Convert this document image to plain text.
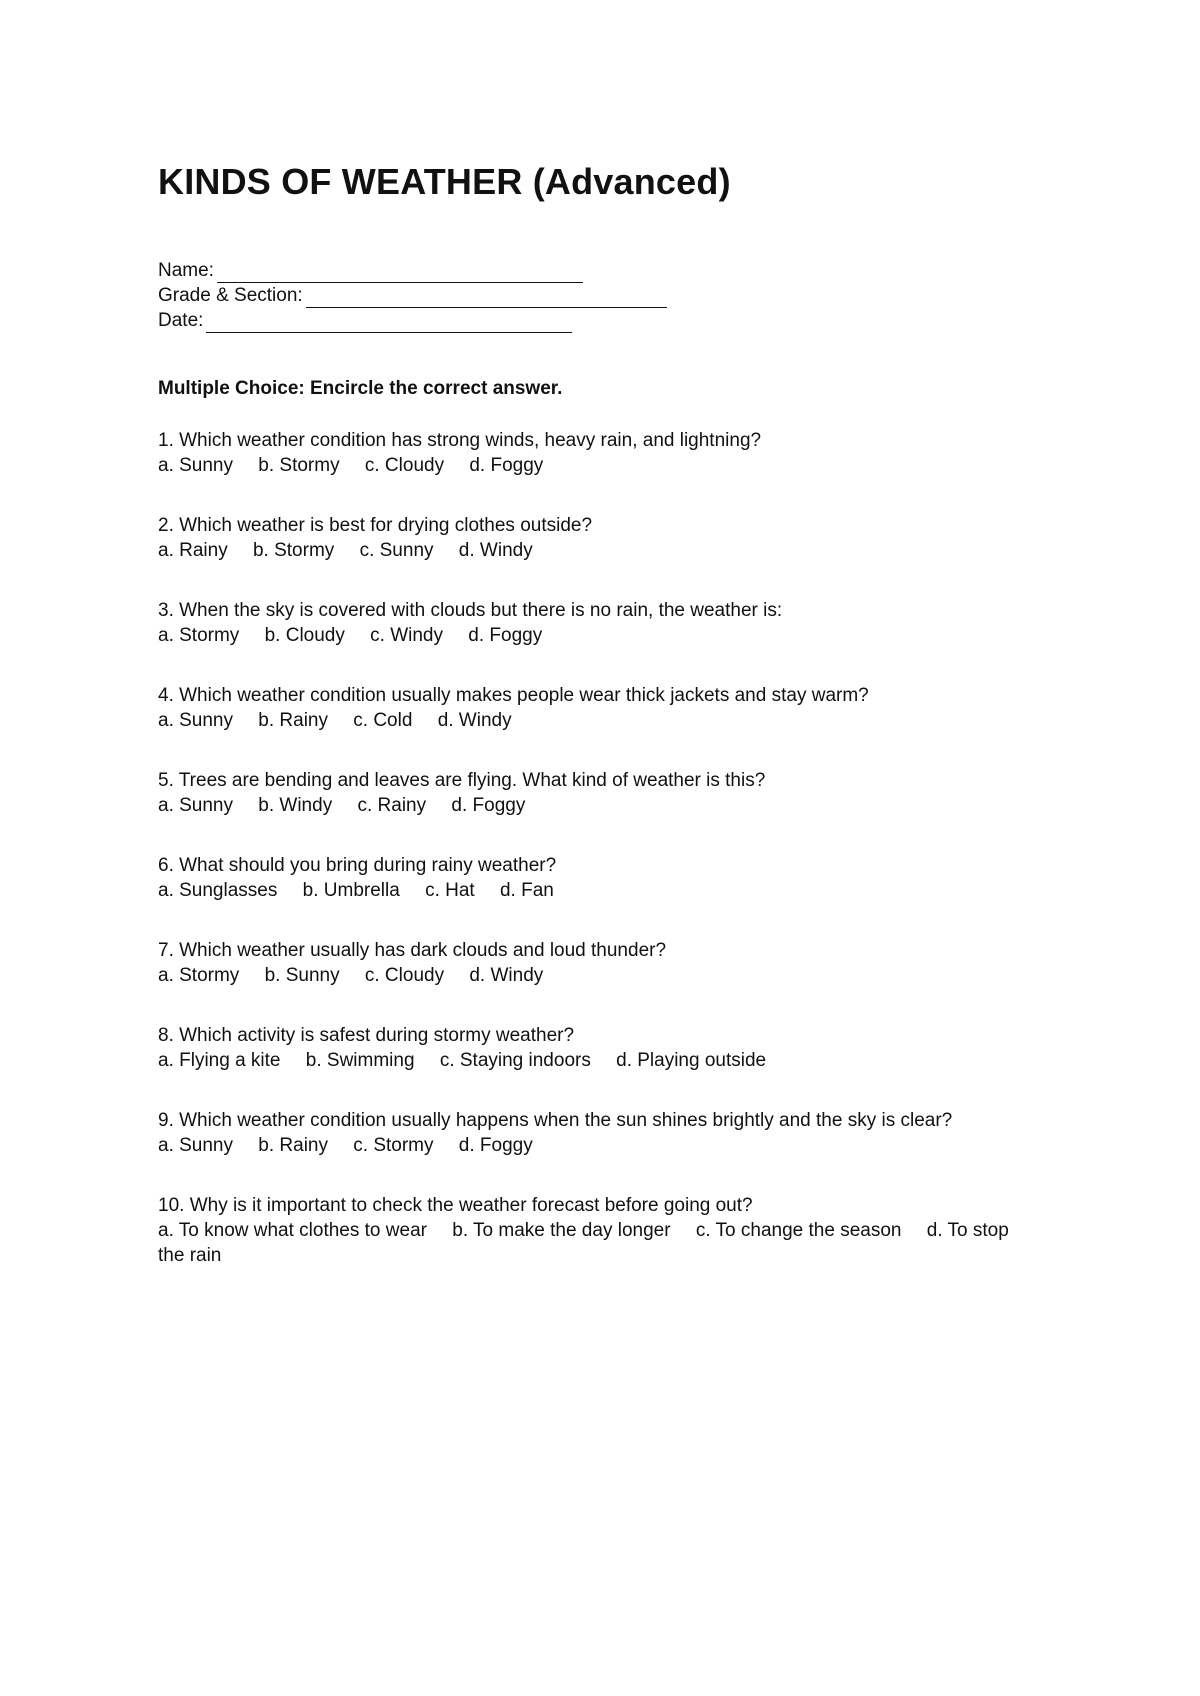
KINDS OF WEATHER (Advanced)
Name:
Grade & Section:
Date:
Multiple Choice: Encircle the correct answer.
1. Which weather condition has strong winds, heavy rain, and lightning?
a. Sunny b. Stormy c. Cloudy d. Foggy
2. Which weather is best for drying clothes outside?
a. Rainy b. Stormy c. Sunny d. Windy
3. When the sky is covered with clouds but there is no rain, the weather is:
a. Stormy b. Cloudy c. Windy d. Foggy
4. Which weather condition usually makes people wear thick jackets and stay warm?
a. Sunny b. Rainy c. Cold d. Windy
5. Trees are bending and leaves are flying. What kind of weather is this?
a. Sunny b. Windy c. Rainy d. Foggy
6. What should you bring during rainy weather?
a. Sunglasses b. Umbrella c. Hat d. Fan
7. Which weather usually has dark clouds and loud thunder?
a. Stormy b. Sunny c. Cloudy d. Windy
8. Which activity is safest during stormy weather?
a. Flying a kite b. Swimming c. Staying indoors d. Playing outside
9. Which weather condition usually happens when the sun shines brightly and the sky is clear?
a. Sunny b. Rainy c. Stormy d. Foggy
10. Why is it important to check the weather forecast before going out?
a. To know what clothes to wear b. To make the day longer c. To change the season d. To stop the rain
